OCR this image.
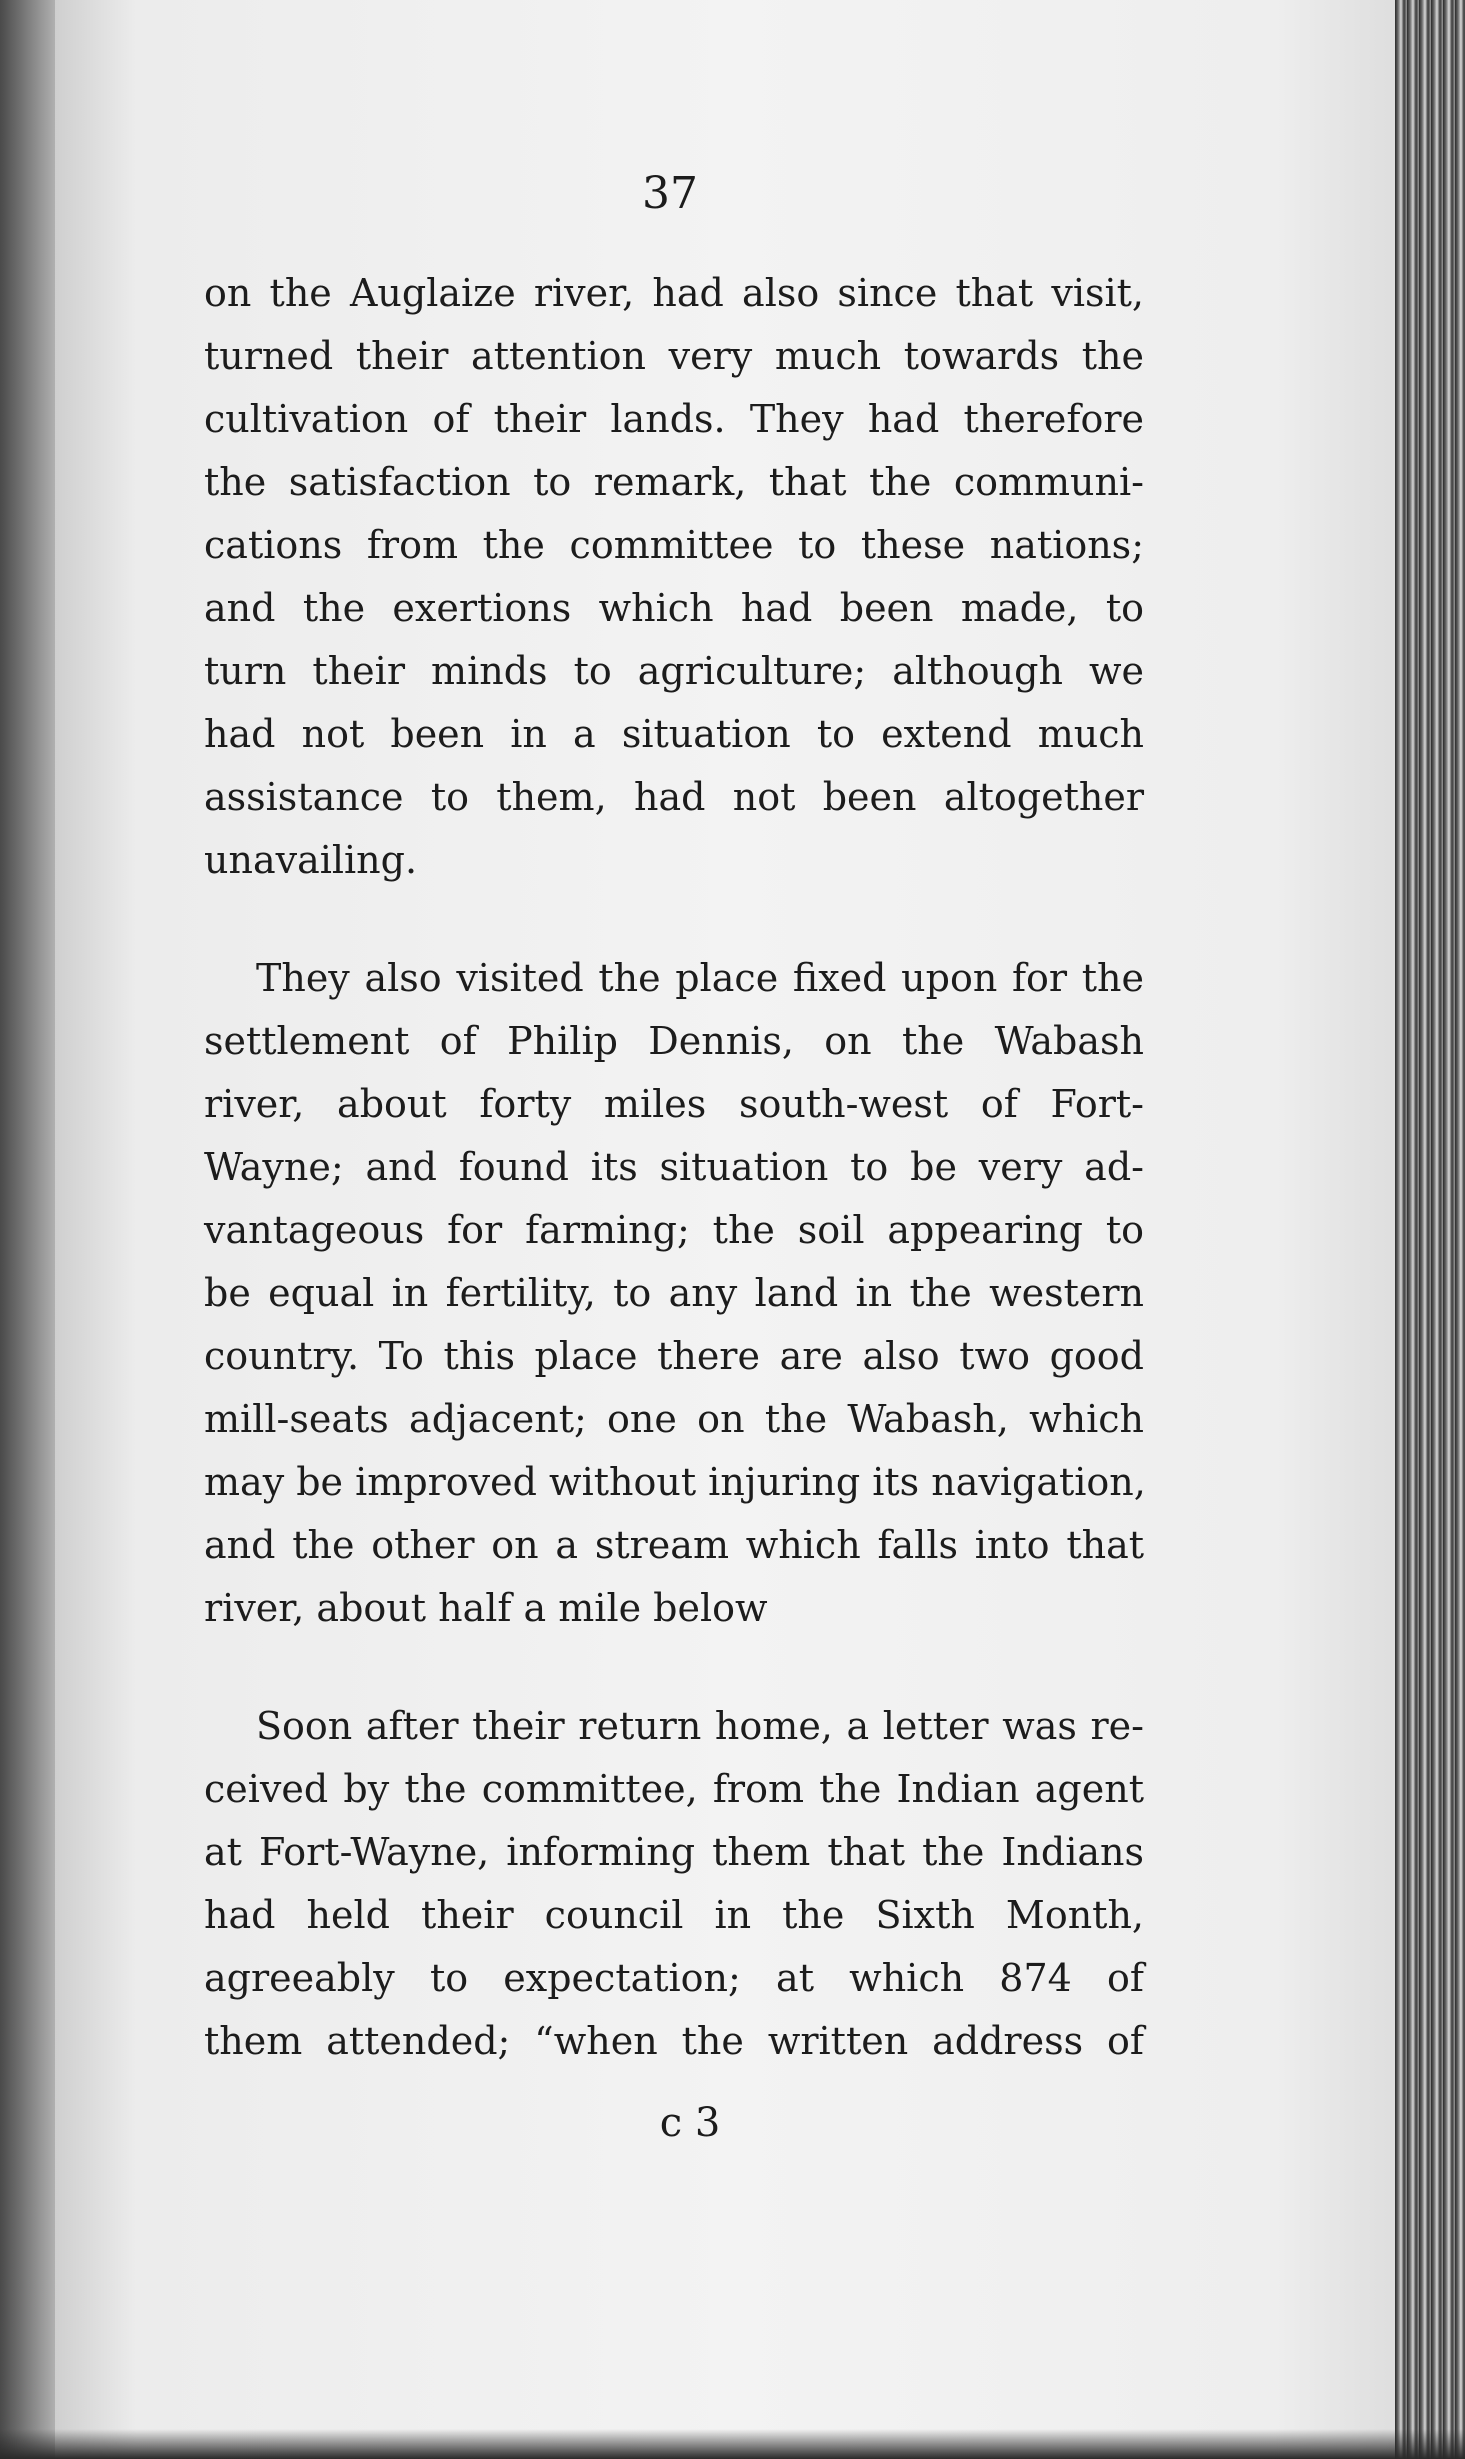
37
on the Auglaize river, had also since that visit,
turned their attention very much towards the
cultivation of their lands. They had therefore
the satisfaction to remark, that the communi-
cations from the committee to these nations;
and the exertions which had been made, to
turn their minds to agriculture; although we
had not been in a situation to extend much
assistance to them, had not been altogether
unavailing.
They also visited the place fixed upon for the
settlement of Philip Dennis, on the Wabash
river, about forty miles south-west of Fort-
Wayne; and found its situation to be very ad-
vantageous for farming; the soil appearing to
be equal in fertility, to any land in the western
country. To this place there are also two good
mill-seats adjacent; one on the Wabash, which
may be improved without injuring its navigation,
and the other on a stream which falls into that
river, about half a mile below
Soon after their return home, a letter was re-
ceived by the committee, from the Indian agent
at Fort-Wayne, informing them that the Indians
had held their council in the Sixth Month,
agreeably to expectation; at which 874 of
them attended; “when the written address of
c 3
